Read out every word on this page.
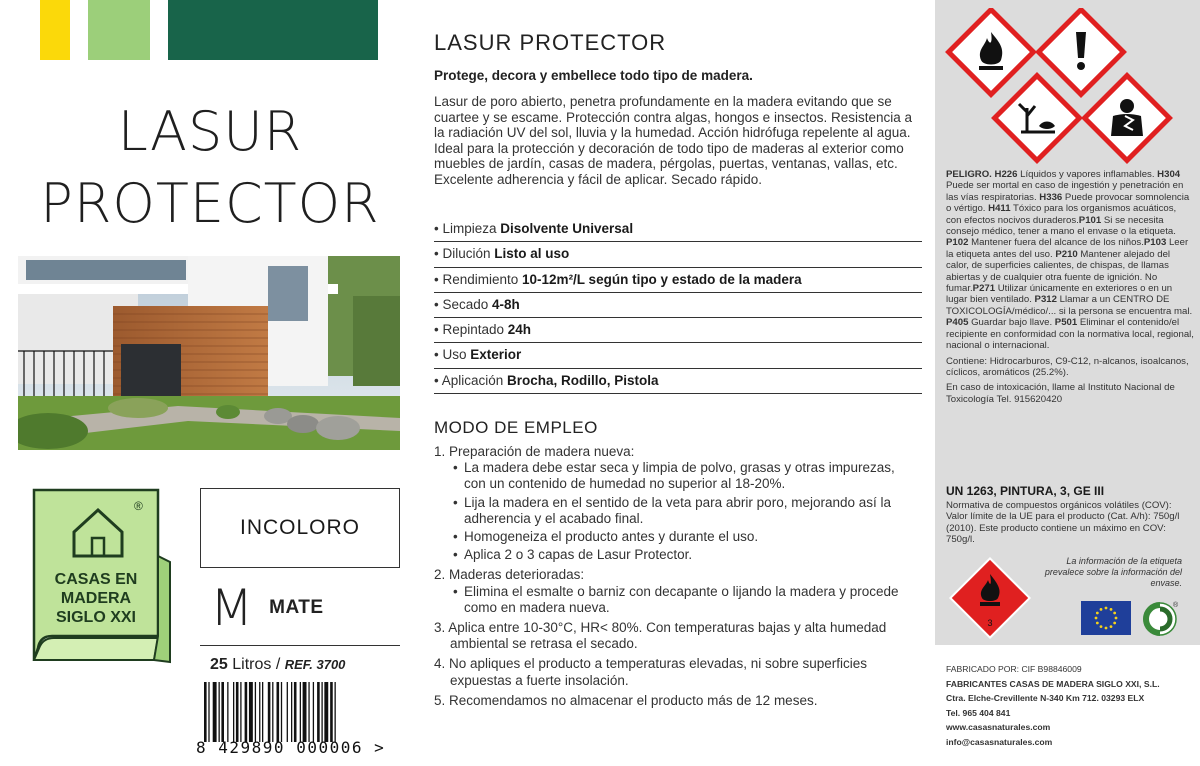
LASUR
PROTECTOR
®
CASAS EN
MADERA
SIGLO XXI
INCOLORO
M MATE
25 Litros / REF. 3700
8 429890 000006 >
LASUR PROTECTOR
Protege, decora y embellece todo tipo de madera.
Lasur de poro abierto, penetra profundamente en la madera evitando que se cuartee y se escame. Protección contra algas, hongos e insectos. Resistencia a la radiación UV del sol, lluvia y la humedad. Acción hidrófuga repelente al agua. Ideal para la protección y decoración de todo tipo de maderas al exterior como muebles de jardín, casas de madera, pérgolas, puertas, ventanas, vallas, etc. Excelente adherencia y fácil de aplicar. Secado rápido.
• Limpieza Disolvente Universal
• Dilución Listo al uso
• Rendimiento 10-12m²/L según tipo y estado de la madera
• Secado 4-8h
• Repintado 24h
• Uso Exterior
• Aplicación Brocha, Rodillo, Pistola
MODO DE EMPLEO
1. Preparación de madera nueva:
• La madera debe estar seca y limpia de polvo, grasas y otras impurezas, con un contenido de humedad no superior al 18-20%.
• Lija la madera en el sentido de la veta para abrir poro, mejorando así la adherencia y el acabado final.
• Homogeneiza el producto antes y durante el uso.
• Aplica 2 o 3 capas de Lasur Protector.
2. Maderas deterioradas:
• Elimina el esmalte o barniz con decapante o lijando la madera y procede como en madera nueva.
3. Aplica entre 10-30°C, HR< 80%. Con temperaturas bajas y alta humedad ambiental se retrasa el secado.
4. No apliques el producto a temperaturas elevadas, ni sobre superficies expuestas a fuerte insolación.
5. Recomendamos no almacenar el producto más de 12 meses.

PELIGRO. H226 Líquidos y vapores inflamables. H304 Puede ser mortal en caso de ingestión y penetración en las vías respiratorias. H336 Puede provocar somnolencia o vértigo. H411 Tóxico para los organismos acuáticos, con efectos nocivos duraderos.P101 Si se necesita consejo médico, tener a mano el envase o la etiqueta. P102 Mantener fuera del alcance de los niños.P103 Leer la etiqueta antes del uso. P210 Mantener alejado del calor, de superficies calientes, de chispas, de llamas abiertas y de cualquier otra fuente de ignición. No fumar.P271 Utilizar únicamente en exteriores o en un lugar bien ventilado. P312 Llamar a un CENTRO DE TOXICOLOGÍA/médico/... si la persona se encuentra mal. P405 Guardar bajo llave. P501 Eliminar el contenido/el recipiente en conformidad con la normativa local, regional, nacional o internacional.

Contiene: Hidrocarburos, C9-C12, n-alcanos, isoalcanos, cíclicos, aromáticos (25.2%).

En caso de intoxicación, llame al Instituto Nacional de Toxicología Tel. 915620420

UN 1263, PINTURA, 3, GE III
Normativa de compuestos orgánicos volátiles (COV): Valor límite de la UE para el producto (Cat. A/h): 750g/l (2010). Este producto contiene un máximo en COV: 750g/l.
3
La información de la etiqueta prevalece sobre la información del envase.
®
FABRICADO POR: CIF B98846009
FABRICANTES CASAS DE MADERA SIGLO XXI, S.L.
Ctra. Elche-Crevillente N-340 Km 712. 03293 ELX
Tel. 965 404 841
www.casasnaturales.com
info@casasnaturales.com
